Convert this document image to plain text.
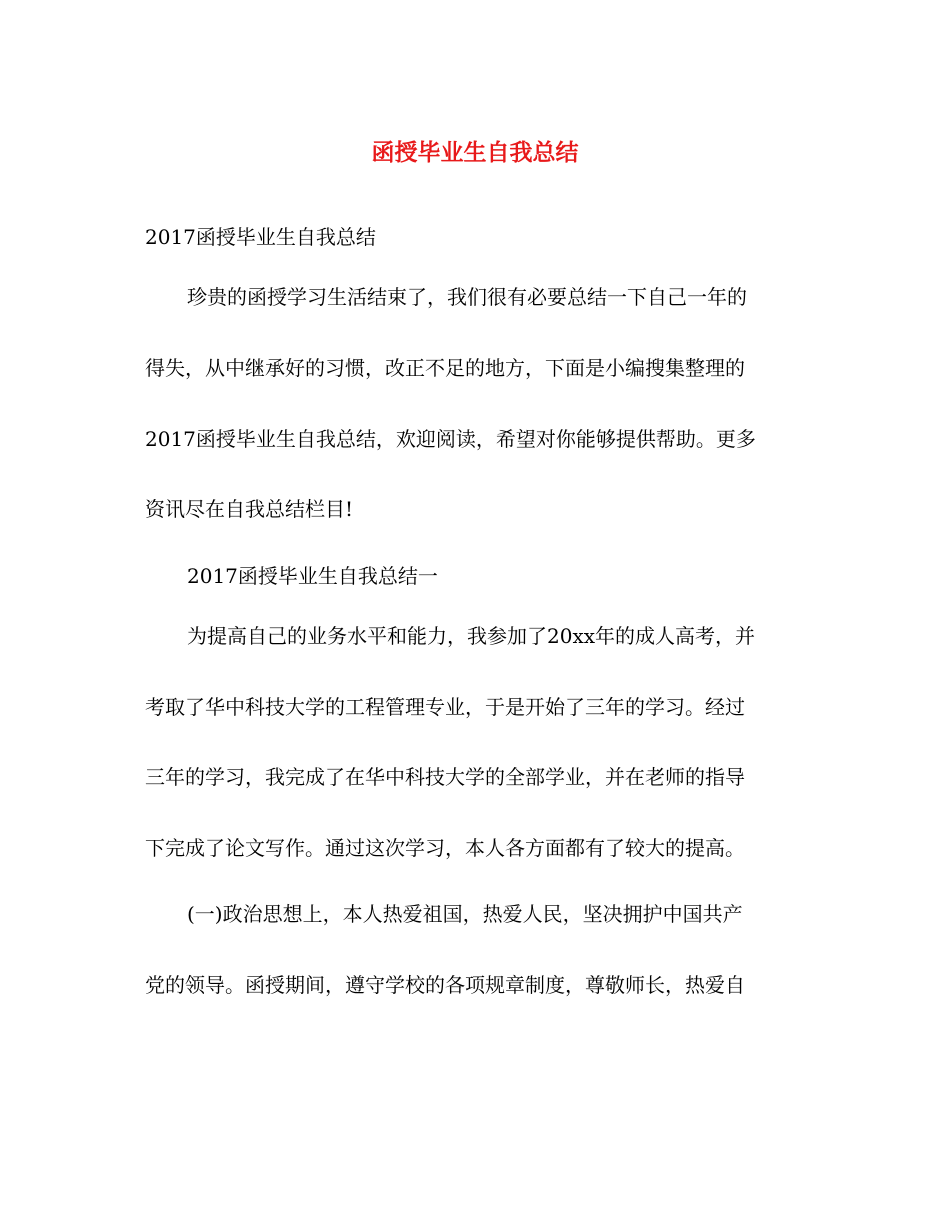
函授毕业生自我总结
2017函授毕业生自我总结
珍贵的函授学习生活结束了，我们很有必要总结一下自己一年的
得失，从中继承好的习惯，改正不足的地方，下面是小编搜集整理的
2017函授毕业生自我总结，欢迎阅读，希望对你能够提供帮助。更多
资讯尽在自我总结栏目!
2017函授毕业生自我总结一
为提高自己的业务水平和能力，我参加了20xx年的成人高考，并
考取了华中科技大学的工程管理专业，于是开始了三年的学习。经过
三年的学习，我完成了在华中科技大学的全部学业，并在老师的指导
下完成了论文写作。通过这次学习，本人各方面都有了较大的提高。
(一)政治思想上，本人热爱祖国，热爱人民，坚决拥护中国共产
党的领导。函授期间，遵守学校的各项规章制度，尊敬师长，热爱自
